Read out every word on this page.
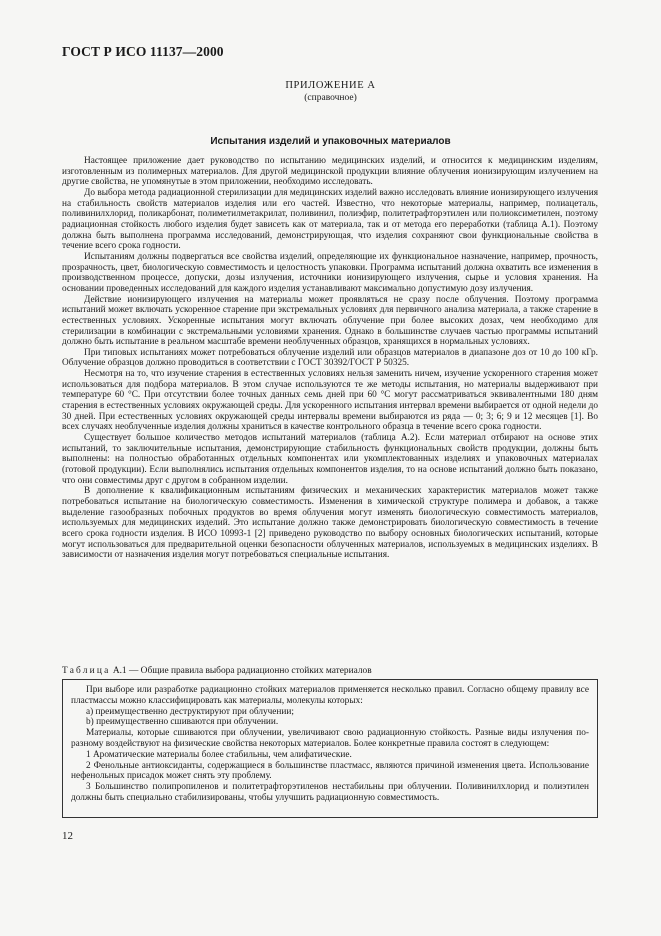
ГОСТ Р ИСО 11137—2000
ПРИЛОЖЕНИЕ А
(справочное)
Испытания изделий и упаковочных материалов

Настоящее приложение дает руководство по испытанию медицинских изделий, и относится к медицинским изделиям, изготовленным из полимерных материалов. Для другой медицинской продукции влияние облучения ионизирующим излучением на другие свойства, не упомянутые в этом приложении, необходимо исследовать.

До выбора метода радиационной стерилизации для медицинских изделий важно исследовать влияние ионизирующего излучения на стабильность свойств материалов изделия или его частей. Известно, что некоторые материалы, например, полиацеталь, поливинилхлорид, поликарбонат, полиметилметакрилат, поливинил, полиэфир, политетрафторэтилен или полиоксиметилен, поэтому радиационная стойкость любого изделия будет зависеть как от материала, так и от метода его переработки (таблица А.1). Поэтому должна быть выполнена программа исследований, демонстрирующая, что изделия сохраняют свои функциональные свойства в течение всего срока годности.

Испытаниям должны подвергаться все свойства изделий, определяющие их функциональное назначение, например, прочность, прозрачность, цвет, биологическую совместимость и целостность упаковки. Программа испытаний должна охватить все изменения в производственном процессе, допуски, дозы излучения, источники ионизирующего излучения, сырье и условия хранения. На основании проведенных исследований для каждого изделия устанавливают максимально допустимую дозу излучения.

Действие ионизирующего излучения на материалы может проявляться не сразу после облучения. Поэтому программа испытаний может включать ускоренное старение при экстремальных условиях для первичного анализа материала, а также старение в естественных условиях. Ускоренные испытания могут включать облучение при более высоких дозах, чем необходимо для стерилизации в комбинации с экстремальными условиями хранения. Однако в большинстве случаев частью программы испытаний должно быть испытание в реальном масштабе времени необлученных образцов, хранящихся в нормальных условиях.

При типовых испытаниях может потребоваться облучение изделий или образцов материалов в диапазоне доз от 10 до 100 кГр. Облучение образцов должно проводиться в соответствии с ГОСТ 30392/ГОСТ Р 50325.

Несмотря на то, что изучение старения в естественных условиях нельзя заменить ничем, изучение ускоренного старения может использоваться для подбора материалов. В этом случае используются те же методы испытания, но материалы выдерживают при температуре 60 °С. При отсутствии более точных данных семь дней при 60 °С могут рассматриваться эквивалентными 180 дням старения в естественных условиях окружающей среды. Для ускоренного испытания интервал времени выбирается от одной недели до 30 дней. При естественных условиях окружающей среды интервалы времени выбираются из ряда — 0; 3; 6; 9 и 12 месяцев [1]. Во всех случаях необлученные изделия должны храниться в качестве контрольного образца в течение всего срока годности.

Существует большое количество методов испытаний материалов (таблица А.2). Если материал отбирают на основе этих испытаний, то заключительные испытания, демонстрирующие стабильность функциональных свойств продукции, должны быть выполнены: на полностью обработанных отдельных компонентах или укомплектованных изделиях и упаковочных материалах (готовой продукции). Если выполнялись испытания отдельных компонентов изделия, то на основе испытаний должно быть показано, что они совместимы друг с другом в собранном изделии.

В дополнение к квалификационным испытаниям физических и механических характеристик материалов может также потребоваться испытание на биологическую совместимость. Изменения в химической структуре полимера и добавок, а также выделение газообразных побочных продуктов во время облучения могут изменять биологическую совместимость материалов, используемых для медицинских изделий. Это испытание должно также демонстрировать биологическую совместимость в течение всего срока годности изделия. В ИСО 10993-1 [2] приведено руководство по выбору основных биологических испытаний, которые могут использоваться для предварительной оценки безопасности облученных материалов, используемых в медицинских изделиях. В зависимости от назначения изделия могут потребоваться специальные испытания.

Таблица А.1 — Общие правила выбора радиационно стойких материалов

При выборе или разработке радиационно стойких материалов применяется несколько правил. Согласно общему правилу все пластмассы можно классифицировать как материалы, молекулы которых:

а) преимущественно деструктируют при облучении;

b) преимущественно сшиваются при облучении.

Материалы, которые сшиваются при облучении, увеличивают свою радиационную стойкость. Разные виды излучения по-разному воздействуют на физические свойства некоторых материалов. Более конкретные правила состоят в следующем:

1 Ароматические материалы более стабильны, чем алифатические.

2 Фенольные антиоксиданты, содержащиеся в большинстве пластмасс, являются причиной изменения цвета. Использование нефенольных присадок может снять эту проблему.

3 Большинство полипропиленов и политетрафторэтиленов нестабильны при облучении. Поливинилхлорид и полиэтилен должны быть специально стабилизированы, чтобы улучшить радиационную совместимость.

12
